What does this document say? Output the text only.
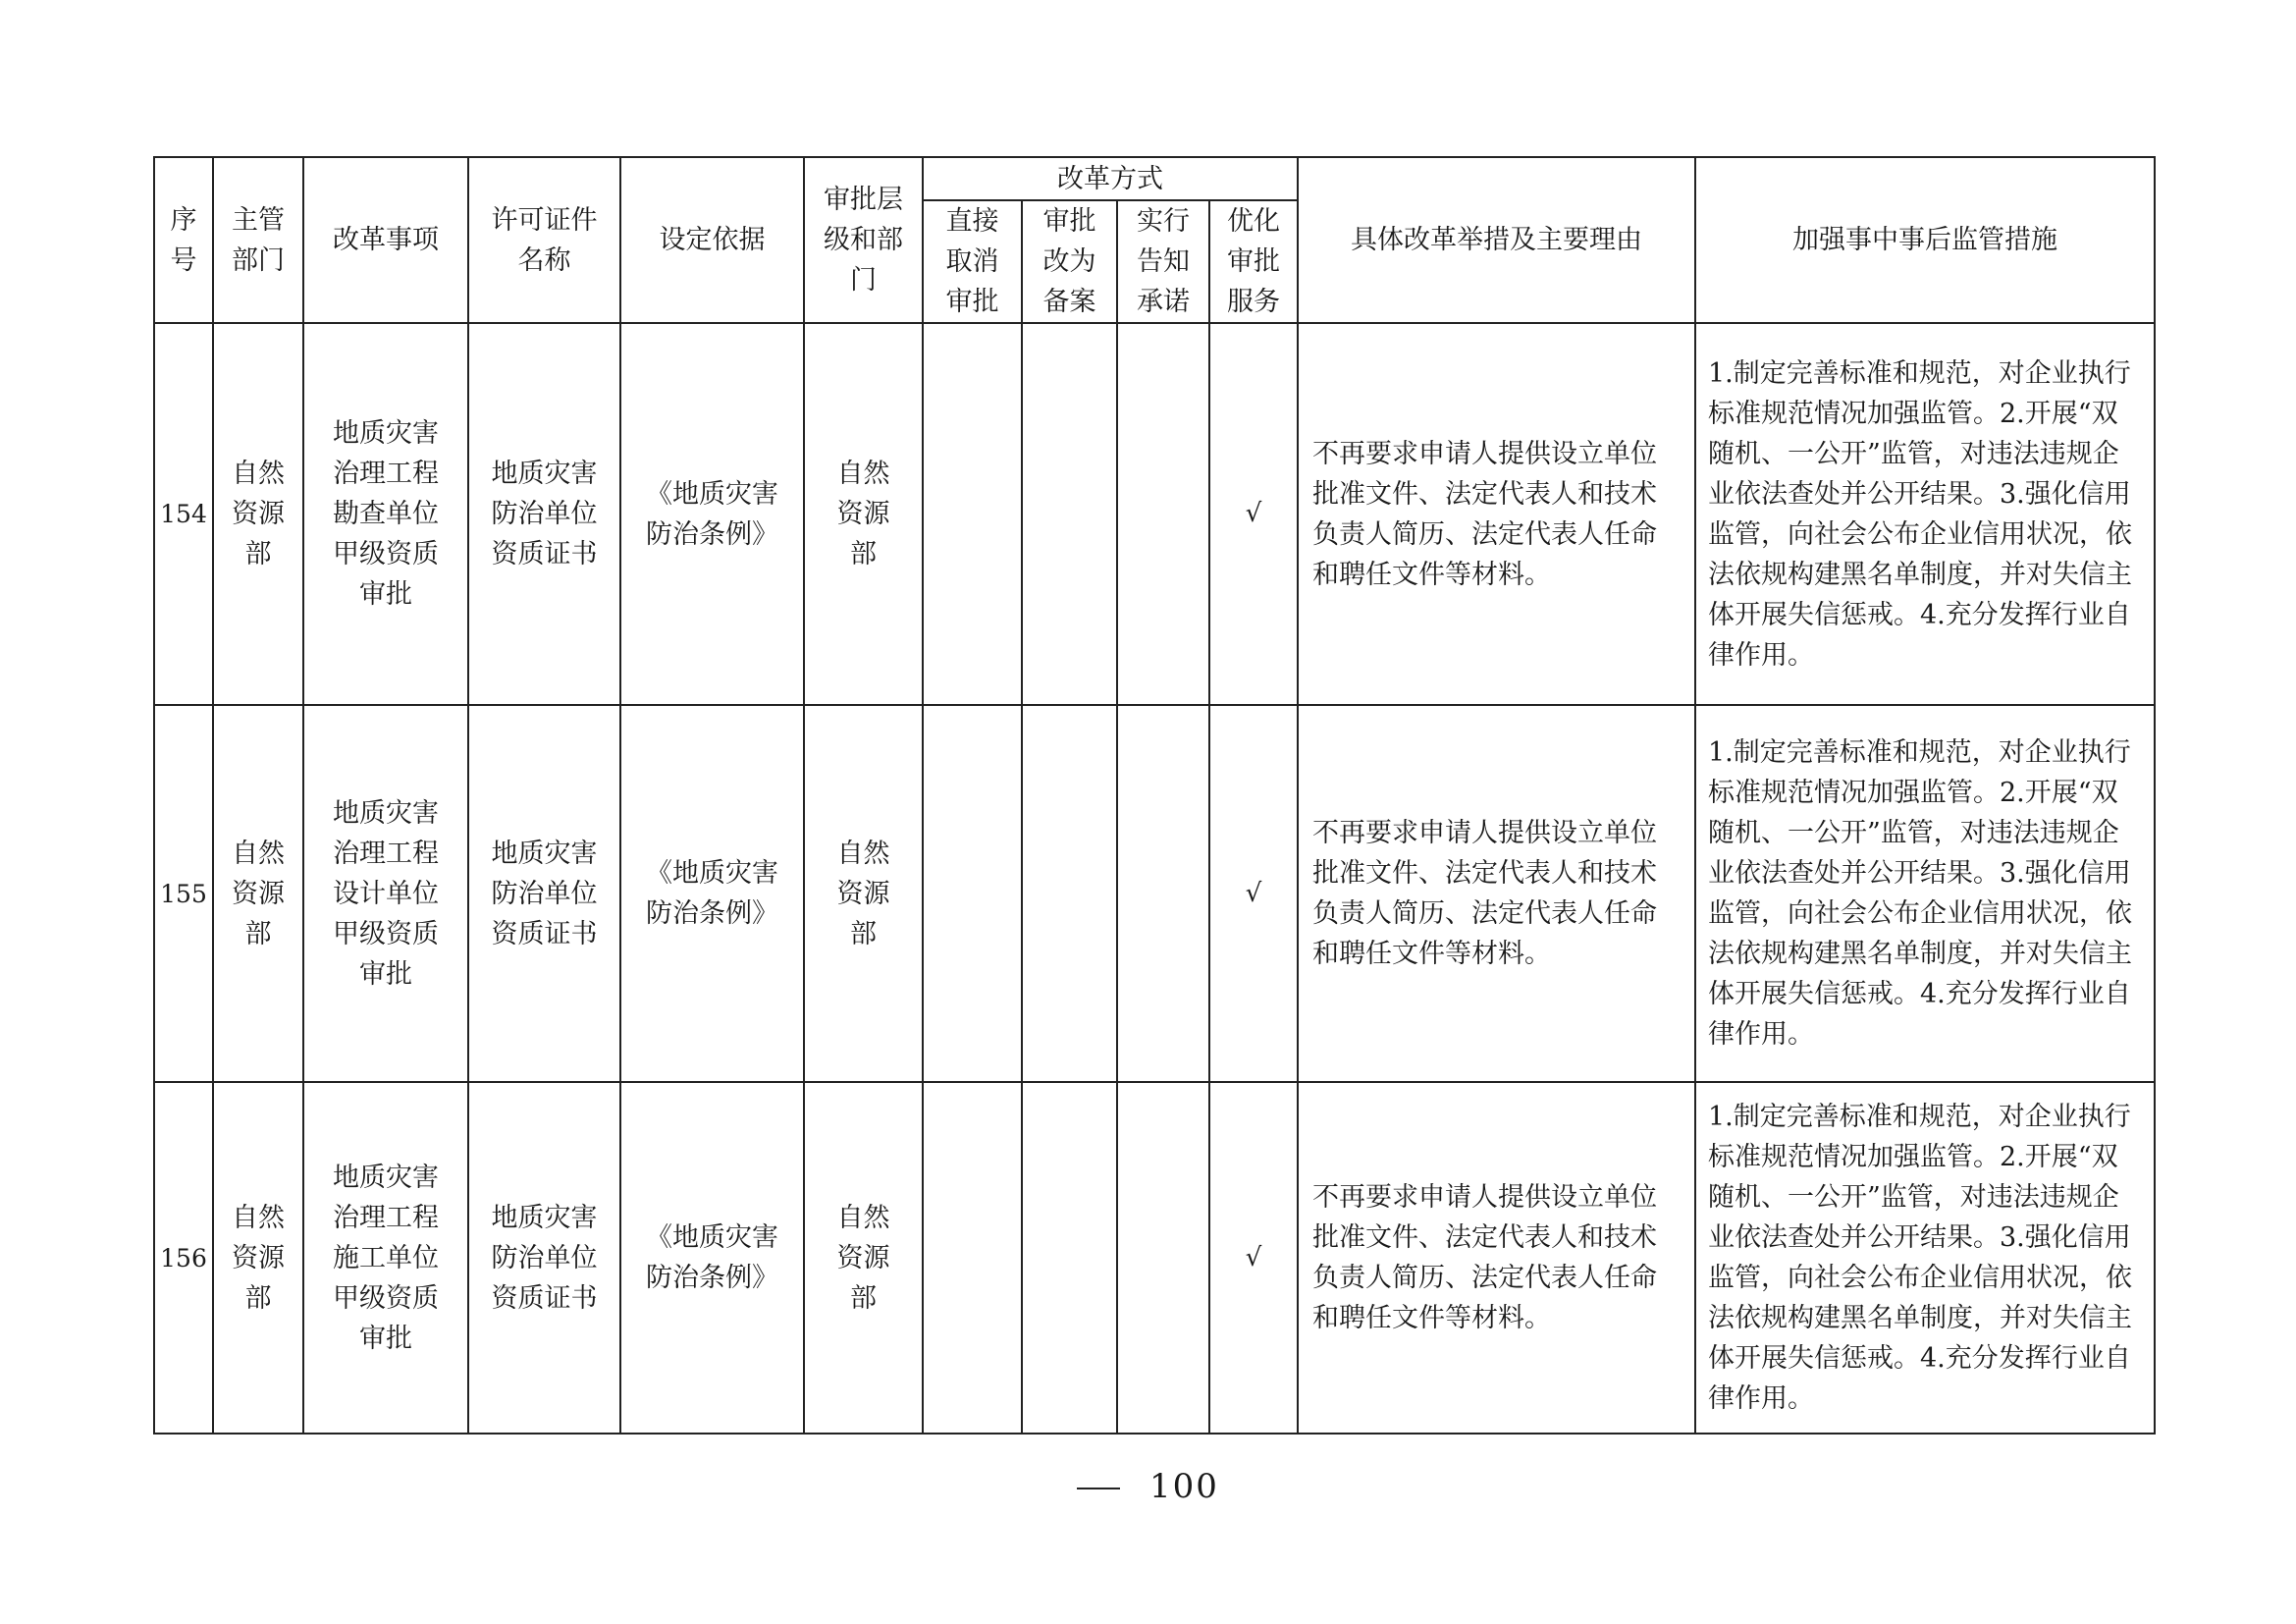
序号	主管部门	改革事项	许可证件名称	设定依据	审批层级和部门	改革方式				具体改革举措及主要理由	加强事中事后监管措施
						直接取消审批	审批改为备案	实行告知承诺	优化审批服务		
154	自然资源部	地质灾害治理工程勘查单位甲级资质审批	地质灾害防治单位资质证书	《地质灾害防治条例》	自然资源部				√	不再要求申请人提供设立单位批准文件、法定代表人和技术负责人简历、法定代表人任命和聘任文件等材料。	1.制定完善标准和规范，对企业执行标准规范情况加强监管。2.开展“双随机、一公开”监管，对违法违规企业依法查处并公开结果。3.强化信用监管，向社会公布企业信用状况，依法依规构建黑名单制度，并对失信主体开展失信惩戒。4.充分发挥行业自律作用。
155	自然资源部	地质灾害治理工程设计单位甲级资质审批	地质灾害防治单位资质证书	《地质灾害防治条例》	自然资源部				√	不再要求申请人提供设立单位批准文件、法定代表人和技术负责人简历、法定代表人任命和聘任文件等材料。	1.制定完善标准和规范，对企业执行标准规范情况加强监管。2.开展“双随机、一公开”监管，对违法违规企业依法查处并公开结果。3.强化信用监管，向社会公布企业信用状况，依法依规构建黑名单制度，并对失信主体开展失信惩戒。4.充分发挥行业自律作用。
156	自然资源部	地质灾害治理工程施工单位甲级资质审批	地质灾害防治单位资质证书	《地质灾害防治条例》	自然资源部				√	不再要求申请人提供设立单位批准文件、法定代表人和技术负责人简历、法定代表人任命和聘任文件等材料。	1.制定完善标准和规范，对企业执行标准规范情况加强监管。2.开展“双随机、一公开”监管，对违法违规企业依法查处并公开结果。3.强化信用监管，向社会公布企业信用状况，依法依规构建黑名单制度，并对失信主体开展失信惩戒。4.充分发挥行业自律作用。
100
